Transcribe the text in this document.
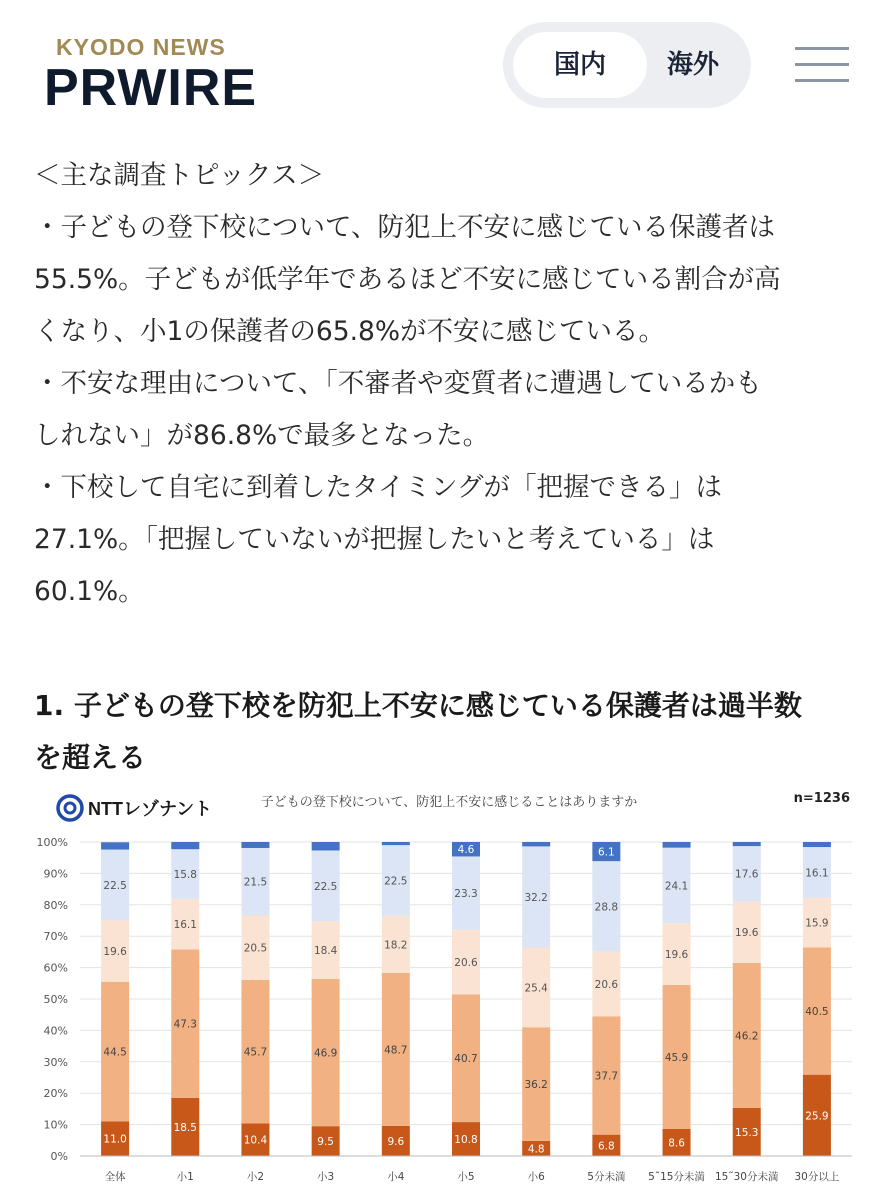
KYODO NEWS
PRWIRE	国内	海外

＜主な調査トピックス＞

・子どもの登下校について、防犯上不安に感じている保護者は

55.5%。子どもが低学年であるほど不安に感じている割合が高

くなり、小1の保護者の65.8%が不安に感じている。

・不安な理由について、「不審者や変質者に遭遇しているかも

しれない」が86.8%で最多となった。

・下校して自宅に到着したタイミングが「把握できる」は

27.1%。「把握していないが把握したいと考えている」は

60.1%。

1. 子どもの登下校を防犯上不安に感じている保護者は過半数
を超える
NTTレゾナント	子どもの登下校について、防犯上不安に感じることはありますか	n=1236
11.0
44.5
19.6
22.5
18.5
47.3
16.1
15.8
10.4
45.7
20.5
21.5
9.5
46.9
18.4
22.5
9.6
48.7
18.2
22.5
10.8
40.7
20.6
23.3
4.6
4.8
36.2
25.4
32.2
6.8
37.7
20.6
28.8
6.1
8.6
45.9
19.6
24.1
15.3
46.2
19.6
17.6
25.9
40.5
15.9
16.1
0%
10%
20%
30%
40%
50%
60%
70%
80%
90%
100%
全体	小1	小2	小3	小4	小5	小6	5分未満 5˜15分未満 15˜30分未満 30分以上
